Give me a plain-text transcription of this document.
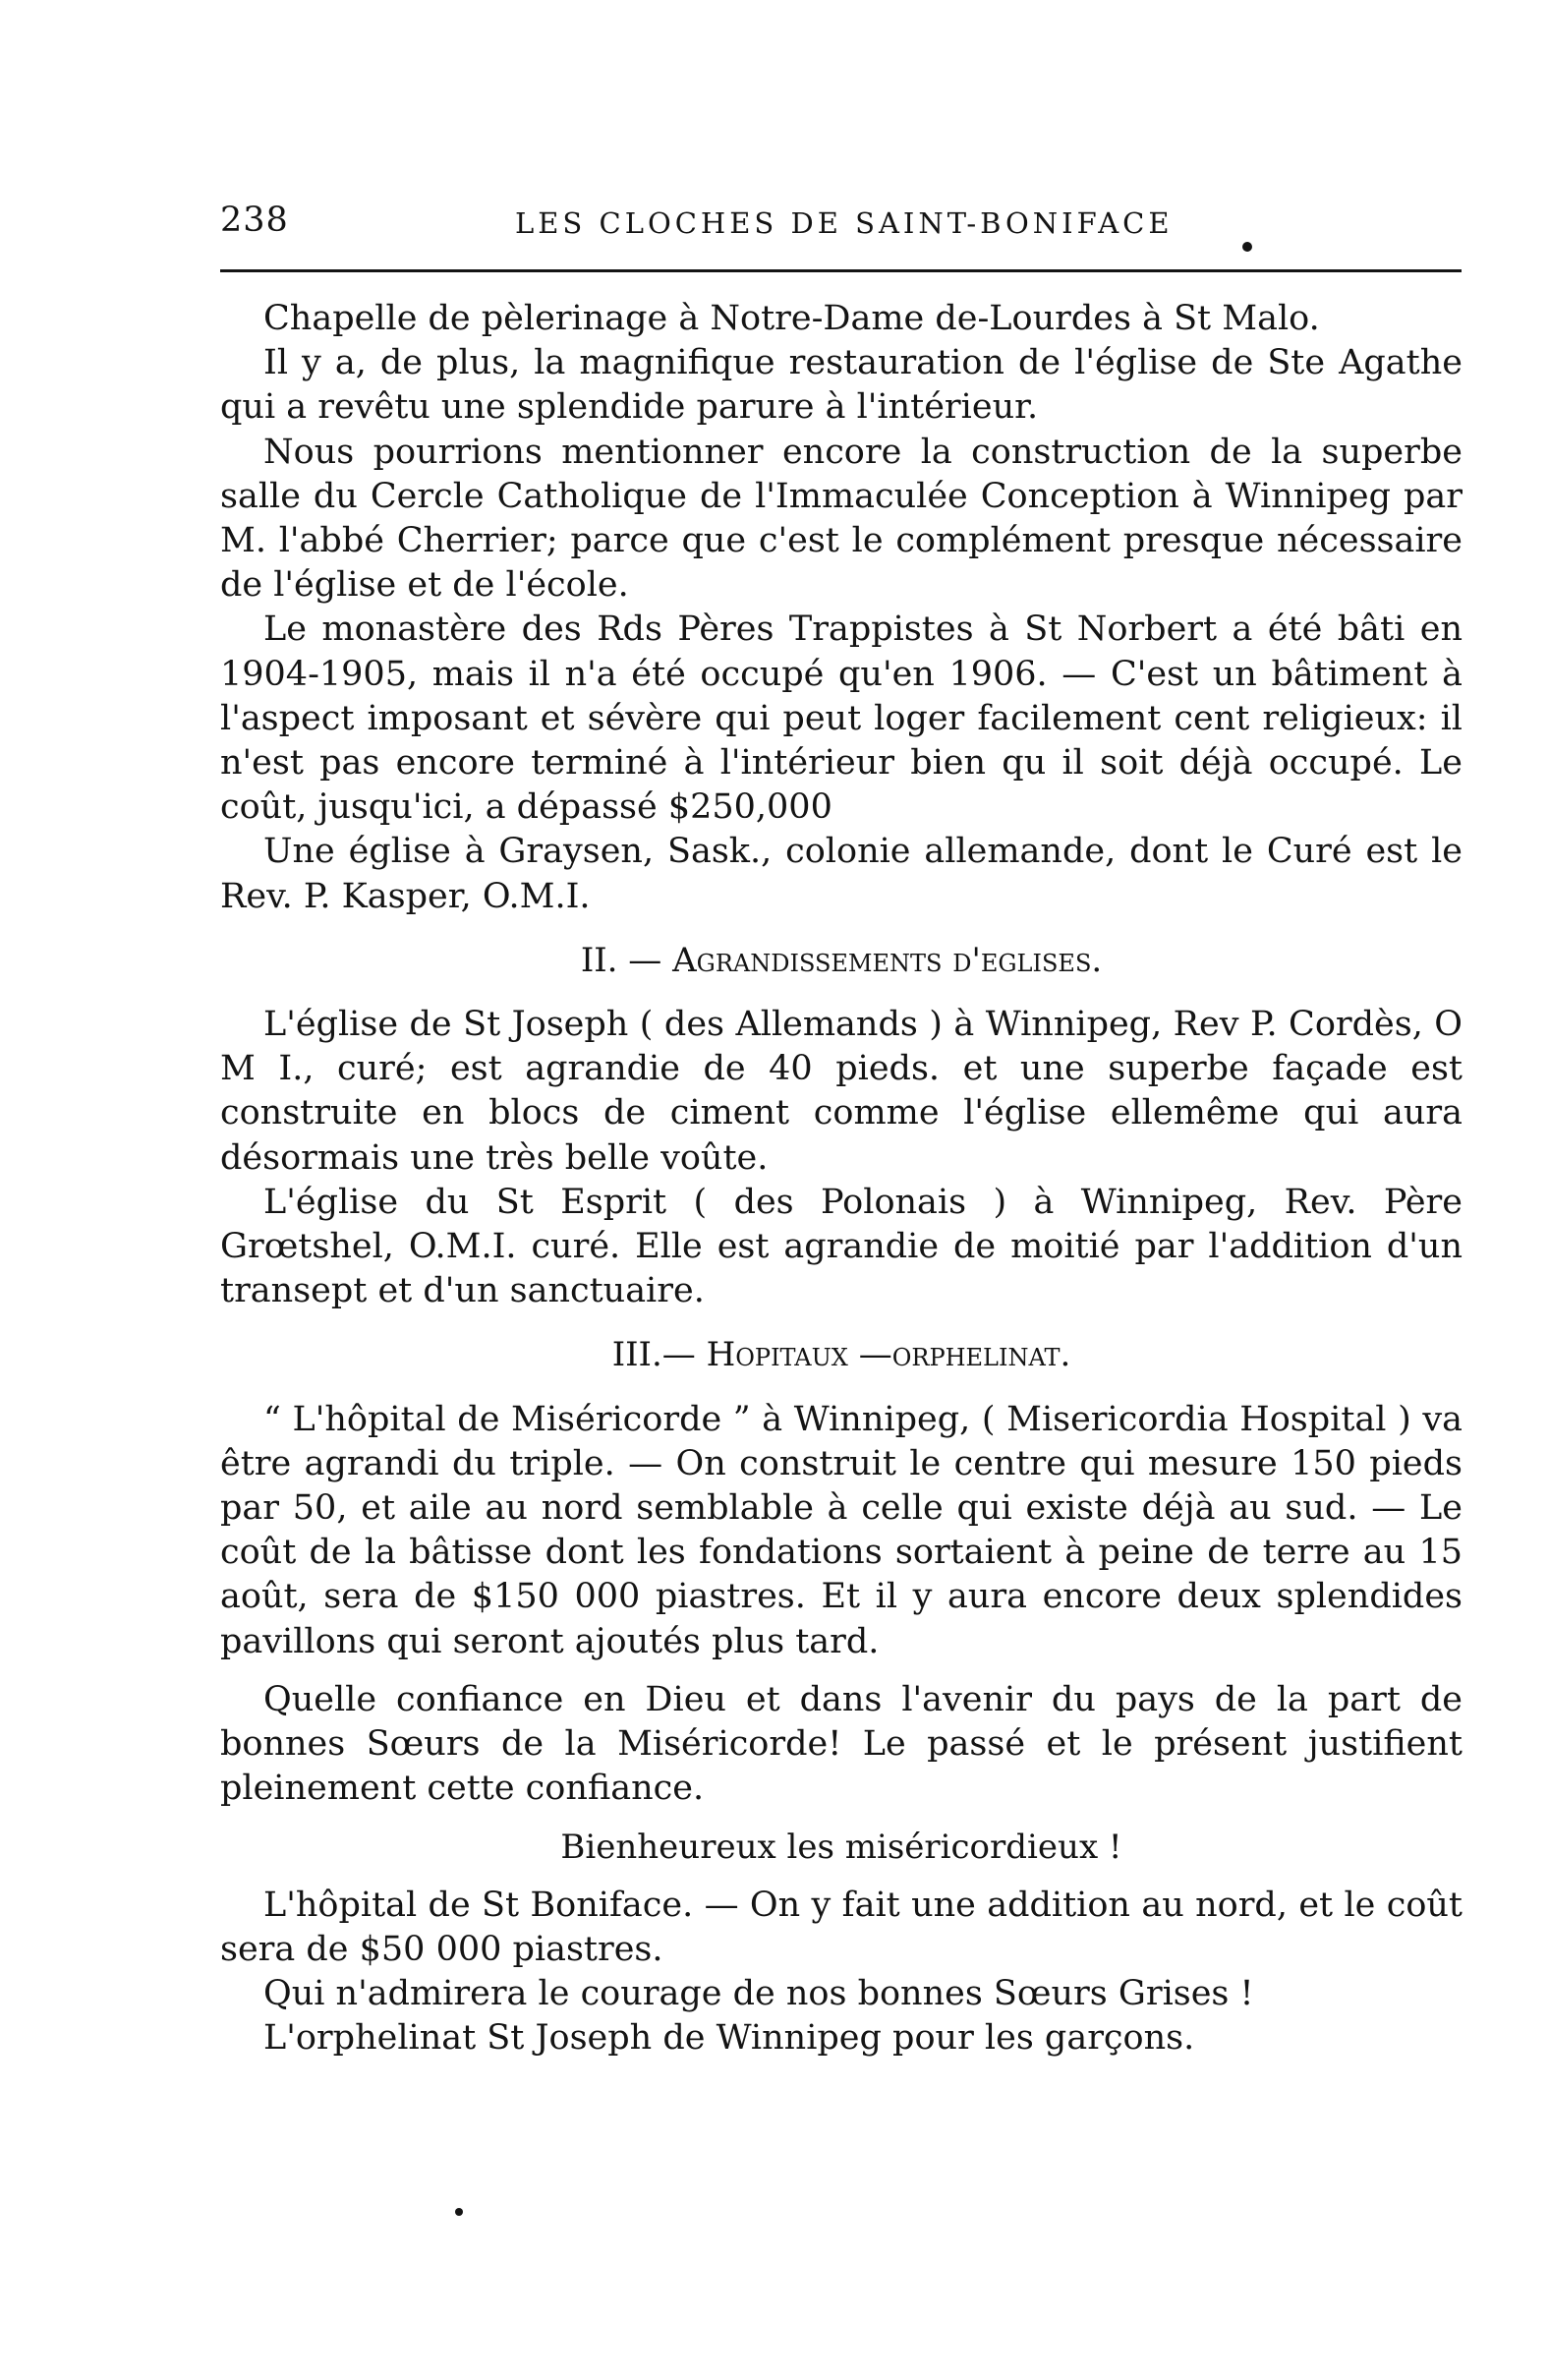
238	LES CLOCHES DE SAINT-BONIFACE

Chapelle de pèlerinage à Notre-Dame de-Lourdes à St Malo.

Il y a, de plus, la magnifique restauration de l'église de Ste Agathe qui a revêtu une splendide parure à l'intérieur.

Nous pourrions mentionner encore la construction de la superbe salle du Cercle Catholique de l'Immaculée Conception à Winnipeg par M. l'abbé Cherrier; parce que c'est le complément presque nécessaire de l'église et de l'école.

Le monastère des Rds Pères Trappistes à St Norbert a été bâti en 1904-1905, mais il n'a été occupé qu'en 1906. — C'est un bâtiment à l'aspect imposant et sévère qui peut loger facilement cent religieux: il n'est pas encore terminé à l'intérieur bien qu il soit déjà occupé. Le coût, jusqu'ici, a dépassé $250,000

Une église à Graysen, Sask., colonie allemande, dont le Curé est le Rev. P. Kasper, O.M.I.

II. — Agrandissements d'eglises.

L'église de St Joseph ( des Allemands ) à Winnipeg, Rev P. Cordès, O M I., curé; est agrandie de 40 pieds. et une superbe façade est construite en blocs de ciment comme l'église ellemême qui aura désormais une très belle voûte.

L'église du St Esprit ( des Polonais ) à Winnipeg, Rev. Père Grœtshel, O.M.I. curé. Elle est agrandie de moitié par l'addition d'un transept et d'un sanctuaire.

III.— Hopitaux —orphelinat.

“ L'hôpital de Miséricorde ” à Winnipeg, ( Misericordia Hospital ) va être agrandi du triple. — On construit le centre qui mesure 150 pieds par 50, et aile au nord semblable à celle qui existe déjà au sud. — Le coût de la bâtisse dont les fondations sortaient à peine de terre au 15 août, sera de $150 000 piastres. Et il y aura encore deux splendides pavillons qui seront ajoutés plus tard.

Quelle confiance en Dieu et dans l'avenir du pays de la part de bonnes Sœurs de la Miséricorde! Le passé et le présent justifient pleinement cette confiance.

Bienheureux les miséricordieux !

L'hôpital de St Boniface. — On y fait une addition au nord, et le coût sera de $50 000 piastres.

Qui n'admirera le courage de nos bonnes Sœurs Grises !

L'orphelinat St Joseph de Winnipeg pour les garçons.
